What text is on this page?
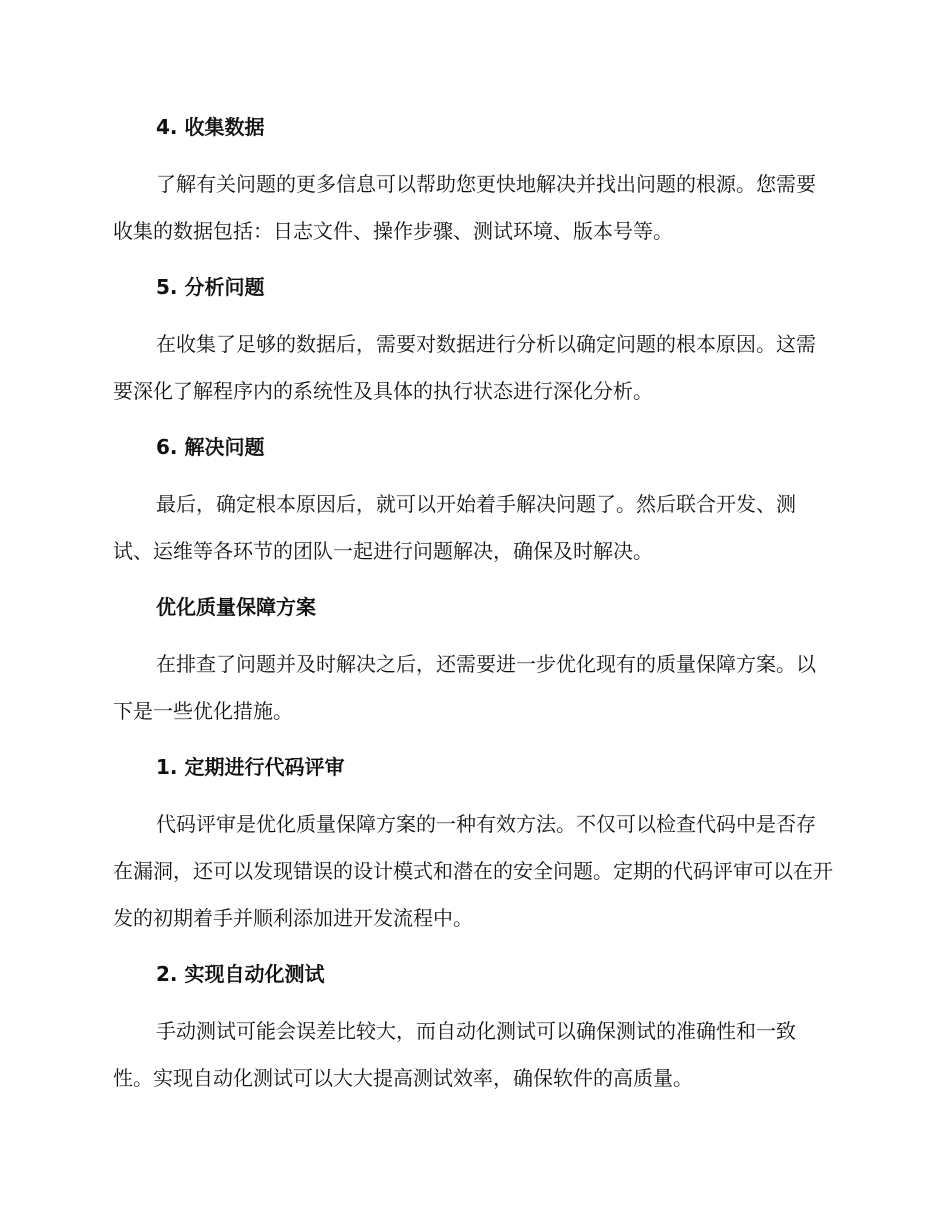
4. 收集数据
了解有关问题的更多信息可以帮助您更快地解决并找出问题的根源。您需要收集的数据包括：日志文件、操作步骤、测试环境、版本号等。
5. 分析问题
在收集了足够的数据后，需要对数据进行分析以确定问题的根本原因。这需要深化了解程序内的系统性及具体的执行状态进行深化分析。
6. 解决问题
最后，确定根本原因后，就可以开始着手解决问题了。然后联合开发、测试、运维等各环节的团队一起进行问题解决，确保及时解决。
优化质量保障方案
在排查了问题并及时解决之后，还需要进一步优化现有的质量保障方案。以下是一些优化措施。
1. 定期进行代码评审
代码评审是优化质量保障方案的一种有效方法。不仅可以检查代码中是否存在漏洞，还可以发现错误的设计模式和潜在的安全问题。定期的代码评审可以在开发的初期着手并顺利添加进开发流程中。
2. 实现自动化测试
手动测试可能会误差比较大，而自动化测试可以确保测试的准确性和一致性。实现自动化测试可以大大提高测试效率，确保软件的高质量。
